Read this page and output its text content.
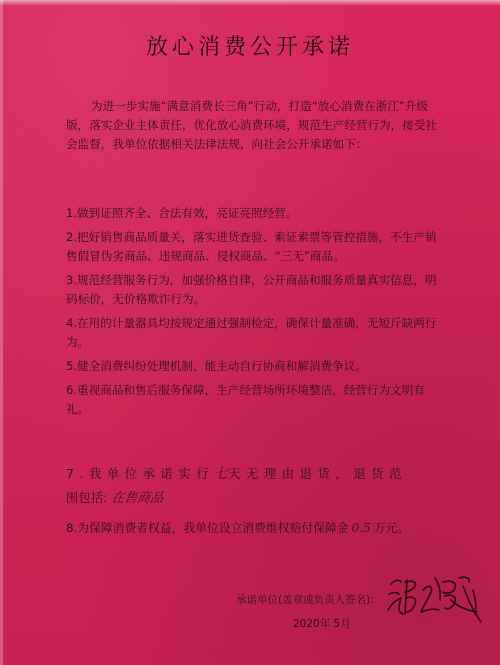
放心消费公开承诺

为进一步实施“满意消费长三角”行动，打造“放心消费在浙江”升级版，落实企业主体责任，优化放心消费环境，规范生产经营行为，接受社会监督，我单位依据相关法律法规，向社会公开承诺如下：

1.做到证照齐全、合法有效，亮证亮照经营。

2.把好销售商品质量关，落实进货查验、索证索票等管控措施，不生产销售假冒伪劣商品、违规商品、侵权商品、“三无”商品。

3.规范经营服务行为，加强价格自律，公开商品和服务质量真实信息，明码标价，无价格欺诈行为。

4.在用的计量器具均按规定通过强制检定，确保计量准确，无短斤缺两行为。

5.健全消费纠纷处理机制，能主动自行协商和解消费争议。

6.重视商品和售后服务保障，生产经营场所环境整洁，经营行为文明有礼。

7.我单位承诺实行七天无理由退货，退货范
围包括: 在售商品
8.为保障消费者权益，我单位设立消费维权赔付保障金 0.5 万元。
承诺单位(盖章或负责人签名):
2020年 5月
